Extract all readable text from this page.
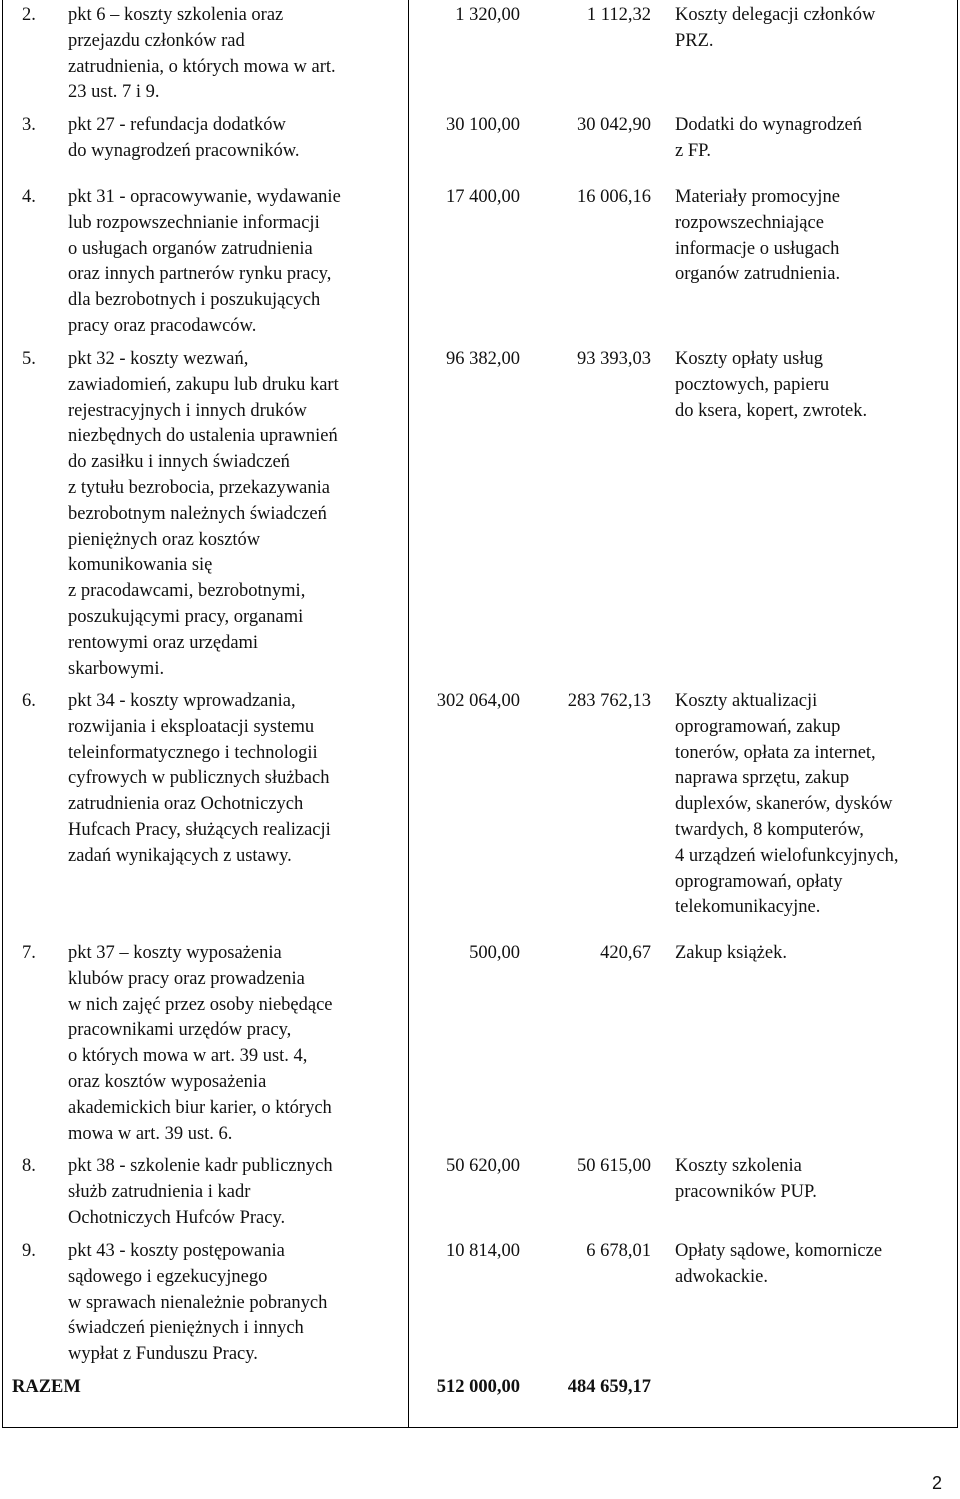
2. pkt 6 – koszty szkolenia oraz
przejazdu członków rad
zatrudnienia, o których mowa w art.
23 ust. 7 i 9.
1 320,00	1 112,32 Koszty delegacji członków
PRZ.
3. pkt 27 - refundacja dodatków
do wynagrodzeń pracowników.
30 100,00	30 042,90 Dodatki do wynagrodzeń
z FP.
4. pkt 31 - opracowywanie, wydawanie
lub rozpowszechnianie informacji
o usługach organów zatrudnienia
oraz innych partnerów rynku pracy,
dla bezrobotnych i poszukujących
pracy oraz pracodawców.
17 400,00	16 006,16 Materiały promocyjne
rozpowszechniające
informacje o usługach
organów zatrudnienia.
5. pkt 32 - koszty wezwań,
zawiadomień, zakupu lub druku kart
rejestracyjnych i innych druków
niezbędnych do ustalenia uprawnień
do zasiłku i innych świadczeń
z tytułu bezrobocia, przekazywania
bezrobotnym należnych świadczeń
pieniężnych oraz kosztów
komunikowania się
z pracodawcami, bezrobotnymi,
poszukującymi pracy, organami
rentowymi oraz urzędami
skarbowymi.
96 382,00	93 393,03 Koszty opłaty usług
pocztowych, papieru
do ksera, kopert, zwrotek.
6. pkt 34 - koszty wprowadzania,
rozwijania i eksploatacji systemu
teleinformatycznego i technologii
cyfrowych w publicznych służbach
zatrudnienia oraz Ochotniczych
Hufcach Pracy, służących realizacji
zadań wynikających z ustawy.
302 064,00	283 762,13 Koszty aktualizacji
oprogramowań, zakup
tonerów, opłata za internet,
naprawa sprzętu, zakup
duplexów, skanerów, dysków
twardych, 8 komputerów,
4 urządzeń wielofunkcyjnych,
oprogramowań, opłaty
telekomunikacyjne.
7. pkt 37 – koszty wyposażenia
klubów pracy oraz prowadzenia
w nich zajęć przez osoby niebędące
pracownikami urzędów pracy,
o których mowa w art. 39 ust. 4,
oraz kosztów wyposażenia
akademickich biur karier, o których
mowa w art. 39 ust. 6.
500,00	420,67 Zakup książek.
8. pkt 38 - szkolenie kadr publicznych
służb zatrudnienia i kadr
Ochotniczych Hufców Pracy.
50 620,00	50 615,00 Koszty szkolenia
pracowników PUP.
9. pkt 43 - koszty postępowania
sądowego i egzekucyjnego
w sprawach nienależnie pobranych
świadczeń pieniężnych i innych
wypłat z Funduszu Pracy.
10 814,00	6 678,01 Opłaty sądowe, komornicze
adwokackie.
RAZEM	512 000,00	484 659,17
2
